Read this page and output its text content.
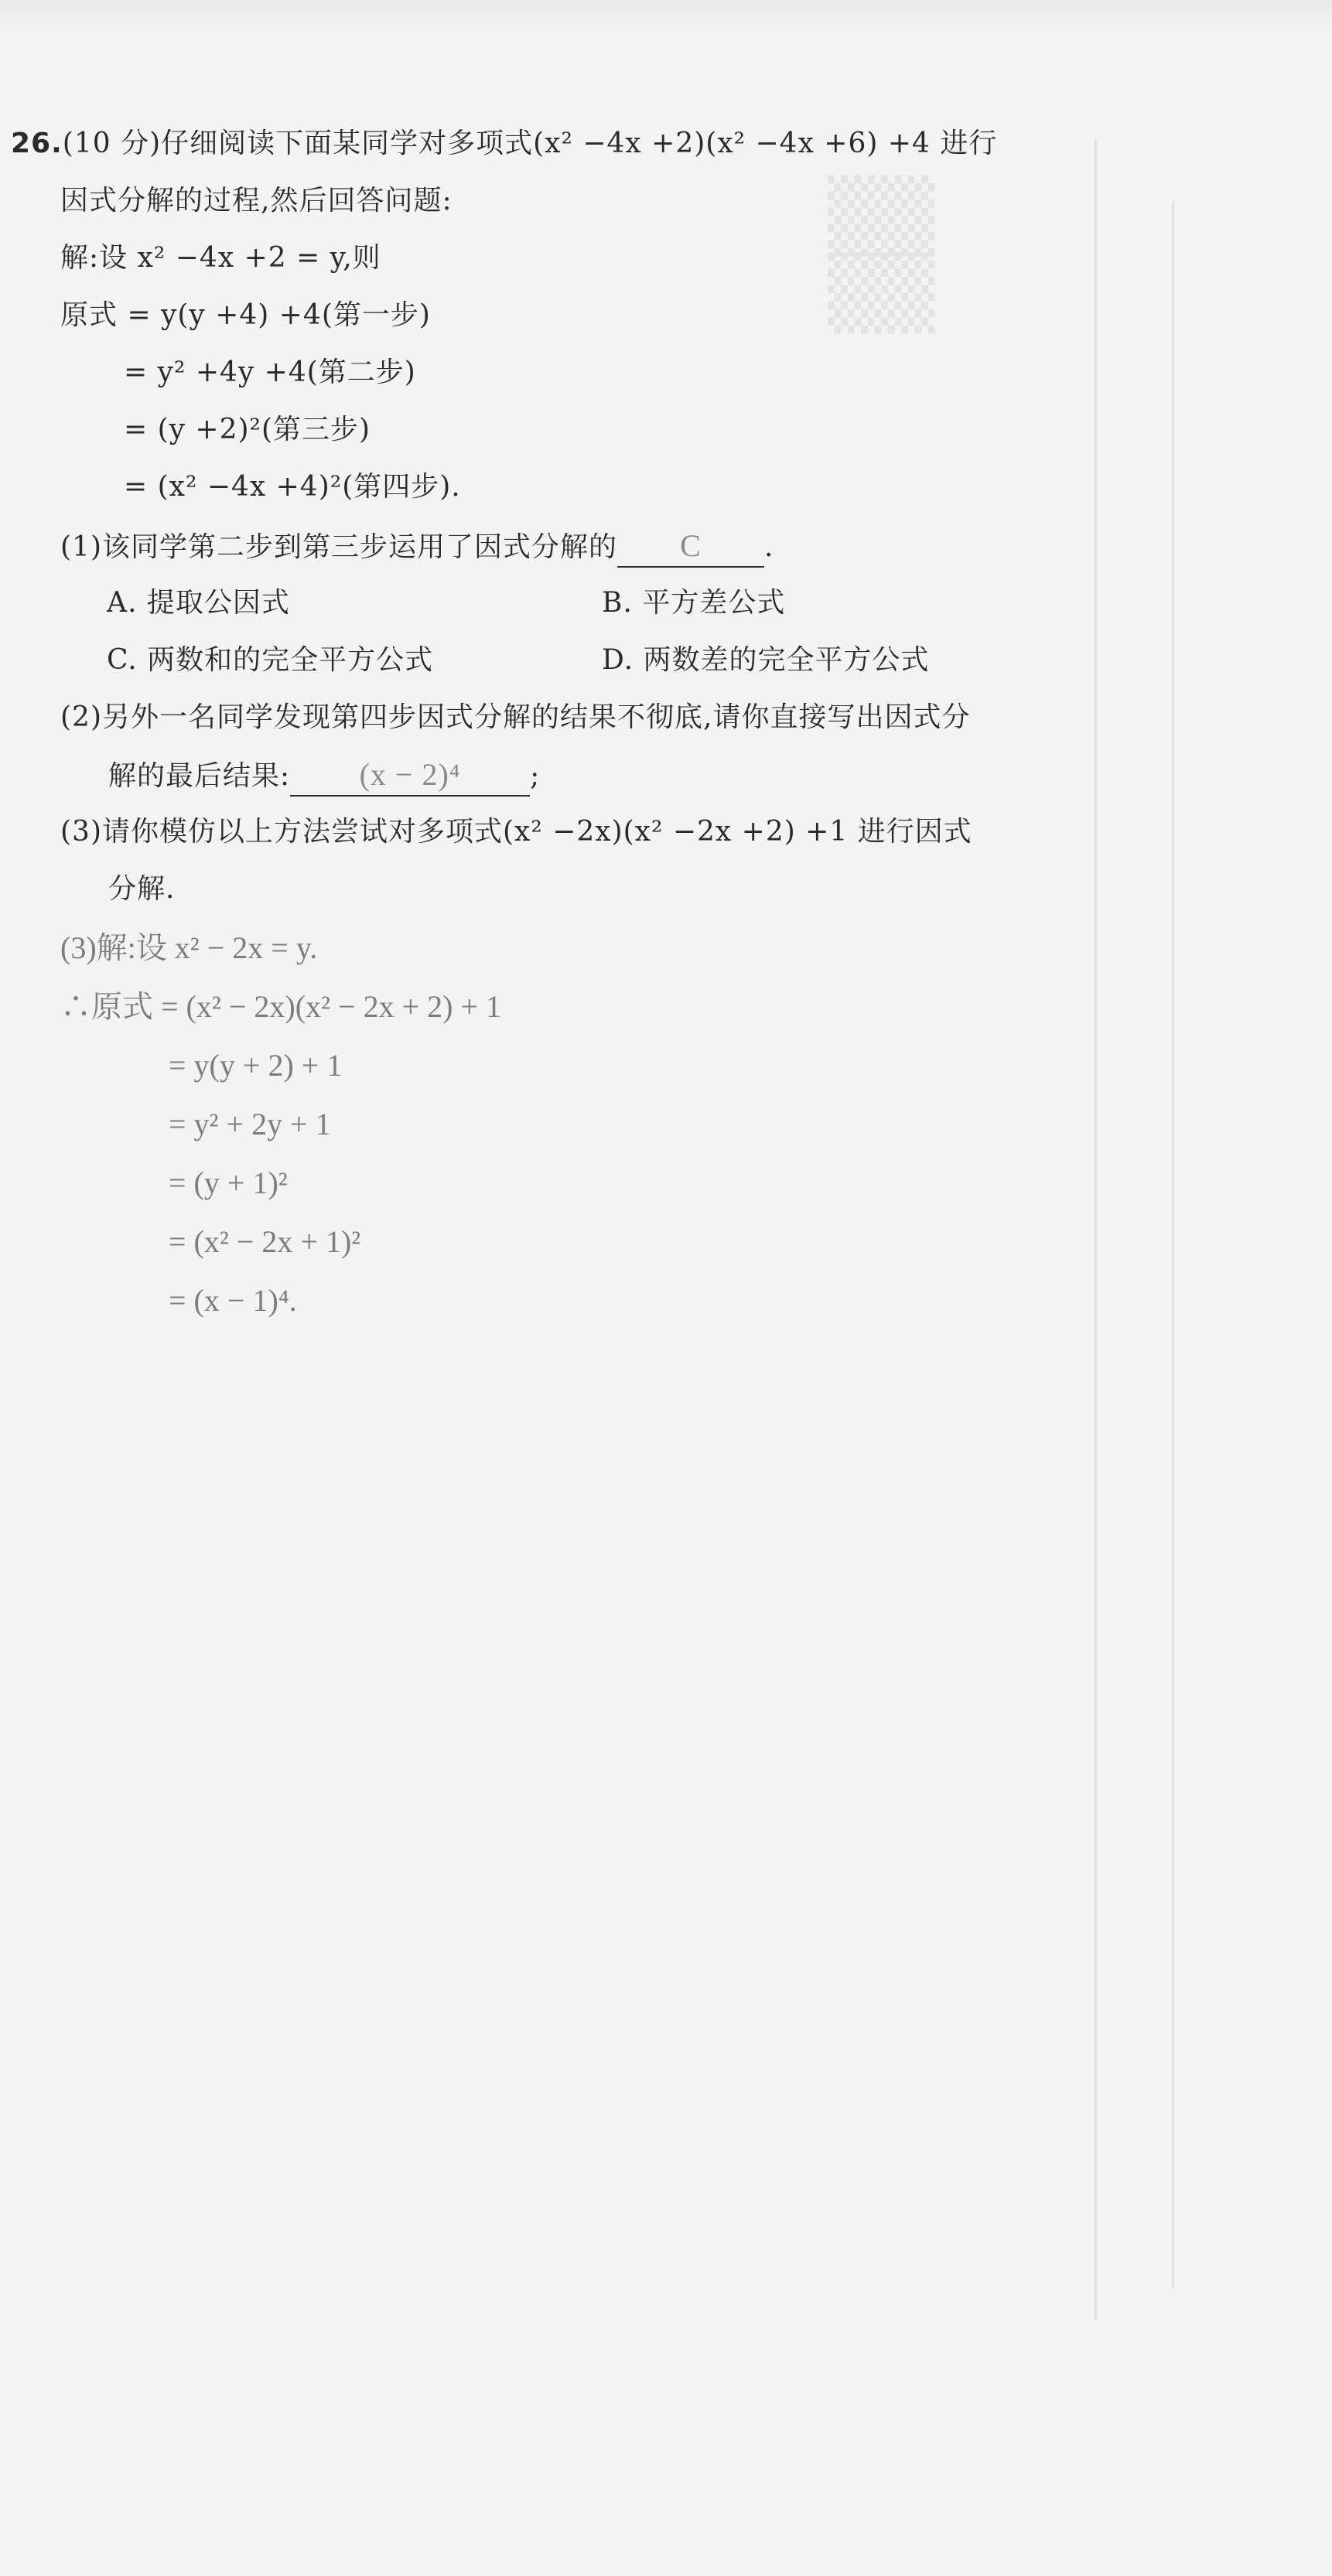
▒▒
▒▒
26.(10 分)仔细阅读下面某同学对多项式(x² −4x +2)(x² −4x +6) +4 进行
因式分解的过程,然后回答问题:
解:设 x² −4x +2 = y,则
原式 = y(y +4) +4(第一步)
= y² +4y +4(第二步)
= (y +2)²(第三步)
= (x² −4x +4)²(第四步).
(1)该同学第二步到第三步运用了因式分解的 C .
A. 提取公因式	B. 平方差公式
C. 两数和的完全平方公式	D. 两数差的完全平方公式
(2)另外一名同学发现第四步因式分解的结果不彻底,请你直接写出因式分
解的最后结果: (x − 2)⁴ ;
(3)请你模仿以上方法尝试对多项式(x² −2x)(x² −2x +2) +1 进行因式
分解.
(3)解:设 x² − 2x = y.
∴原式 = (x² − 2x)(x² − 2x + 2) + 1
= y(y + 2) + 1
= y² + 2y + 1
= (y + 1)²
= (x² − 2x + 1)²
= (x − 1)⁴.
